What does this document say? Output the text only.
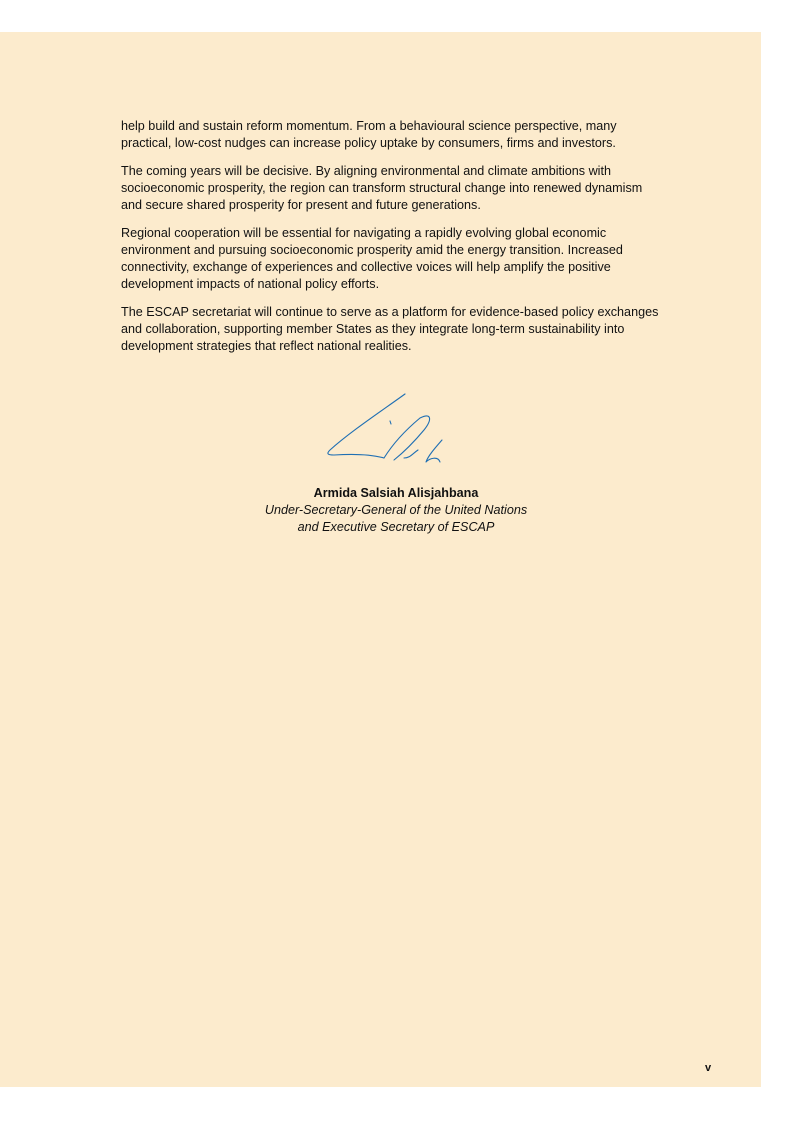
help build and sustain reform momentum. From a behavioural science perspective, many practical, low-cost nudges can increase policy uptake by consumers, firms and investors.

The coming years will be decisive. By aligning environmental and climate ambitions with socioeconomic prosperity, the region can transform structural change into renewed dynamism and secure shared prosperity for present and future generations.

Regional cooperation will be essential for navigating a rapidly evolving global economic environment and pursuing socioeconomic prosperity amid the energy transition. Increased connectivity, exchange of experiences and collective voices will help amplify the positive development impacts of national policy efforts.

The ESCAP secretariat will continue to serve as a platform for evidence-based policy exchanges and collaboration, supporting member States as they integrate long-term sustainability into development strategies that reflect national realities.

Armida Salsiah Alisjahbana
Under-Secretary-General of the United Nations
and Executive Secretary of ESCAP
v
